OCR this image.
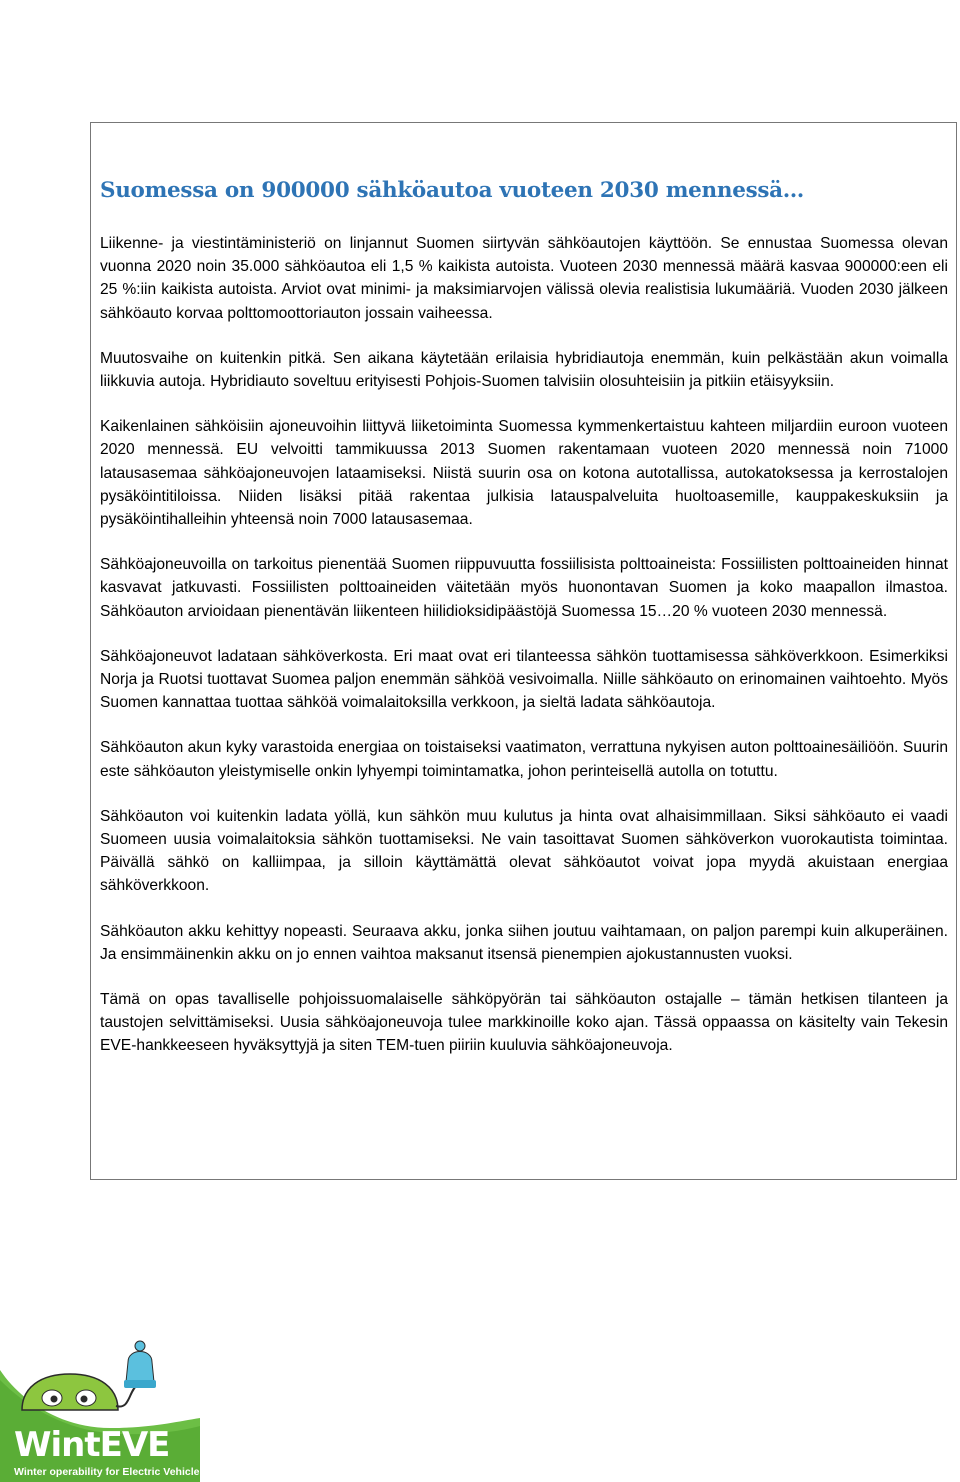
Suomessa on 900000 sähköautoa vuoteen 2030 mennessä…

Liikenne- ja viestintäministeriö on linjannut Suomen siirtyvän sähköautojen käyttöön. Se ennustaa Suomessa olevan vuonna 2020 noin 35.000 sähköautoa eli 1,5 % kaikista autoista. Vuoteen 2030 mennessä määrä kasvaa 900000:een eli 25 %:iin kaikista autoista. Arviot ovat minimi- ja maksimiarvojen välissä olevia realistisia lukumääriä. Vuoden 2030 jälkeen sähköauto korvaa polttomoottoriauton jossain vaiheessa.

Muutosvaihe on kuitenkin pitkä. Sen aikana käytetään erilaisia hybridiautoja enemmän, kuin pelkästään akun voimalla liikkuvia autoja. Hybridiauto soveltuu erityisesti Pohjois-Suomen talvisiin olosuhteisiin ja pitkiin etäisyyksiin.

Kaikenlainen sähköisiin ajoneuvoihin liittyvä liiketoiminta Suomessa kymmenkertaistuu kahteen miljardiin euroon vuoteen 2020 mennessä. EU velvoitti tammikuussa 2013 Suomen rakentamaan vuoteen 2020 mennessä noin 71000 latausasemaa sähköajoneuvojen lataamiseksi. Niistä suurin osa on kotona autotallissa, autokatoksessa ja kerrostalojen pysäköintitiloissa. Niiden lisäksi pitää rakentaa julkisia latauspalveluita huoltoasemille, kauppakeskuksiin ja pysäköintihalleihin yhteensä noin 7000 latausasemaa.

Sähköajoneuvoilla on tarkoitus pienentää Suomen riippuvuutta fossiilisista polttoaineista: Fossiilisten polttoaineiden hinnat kasvavat jatkuvasti. Fossiilisten polttoaineiden väitetään myös huonontavan Suomen ja koko maapallon ilmastoa. Sähköauton arvioidaan pienentävän liikenteen hiilidioksidipäästöjä Suomessa 15…20 % vuoteen 2030 mennessä.

Sähköajoneuvot ladataan sähköverkosta. Eri maat ovat eri tilanteessa sähkön tuottamisessa sähköverkkoon. Esimerkiksi Norja ja Ruotsi tuottavat Suomea paljon enemmän sähköä vesivoimalla. Niille sähköauto on erinomainen vaihtoehto. Myös Suomen kannattaa tuottaa sähköä voimalaitoksilla verkkoon, ja sieltä ladata sähköautoja.

Sähköauton akun kyky varastoida energiaa on toistaiseksi vaatimaton, verrattuna nykyisen auton polttoainesäiliöön. Suurin este sähköauton yleistymiselle onkin lyhyempi toimintamatka, johon perinteisellä autolla on totuttu.

Sähköauton voi kuitenkin ladata yöllä, kun sähkön muu kulutus ja hinta ovat alhaisimmillaan. Siksi sähköauto ei vaadi Suomeen uusia voimalaitoksia sähkön tuottamiseksi. Ne vain tasoittavat Suomen sähköverkon vuorokautista toimintaa. Päivällä sähkö on kalliimpaa, ja silloin käyttämättä olevat sähköautot voivat jopa myydä akuistaan energiaa sähköverkkoon.

Sähköauton akku kehittyy nopeasti. Seuraava akku, jonka siihen joutuu vaihtamaan, on paljon parempi kuin alkuperäinen. Ja ensimmäinenkin akku on jo ennen vaihtoa maksanut itsensä pienempien ajokustannusten vuoksi.

Tämä on opas tavalliselle pohjoissuomalaiselle sähköpyörän tai sähköauton ostajalle – tämän hetkisen tilanteen ja taustojen selvittämiseksi. Uusia sähköajoneuvoja tulee markkinoille koko ajan. Tässä oppaassa on käsitelty vain Tekesin EVE-hankkeeseen hyväksyttyjä ja siten TEM-tuen piiriin kuuluvia sähköajoneuvoja.

WintEVE
Winter operability for Electric Vehicles
